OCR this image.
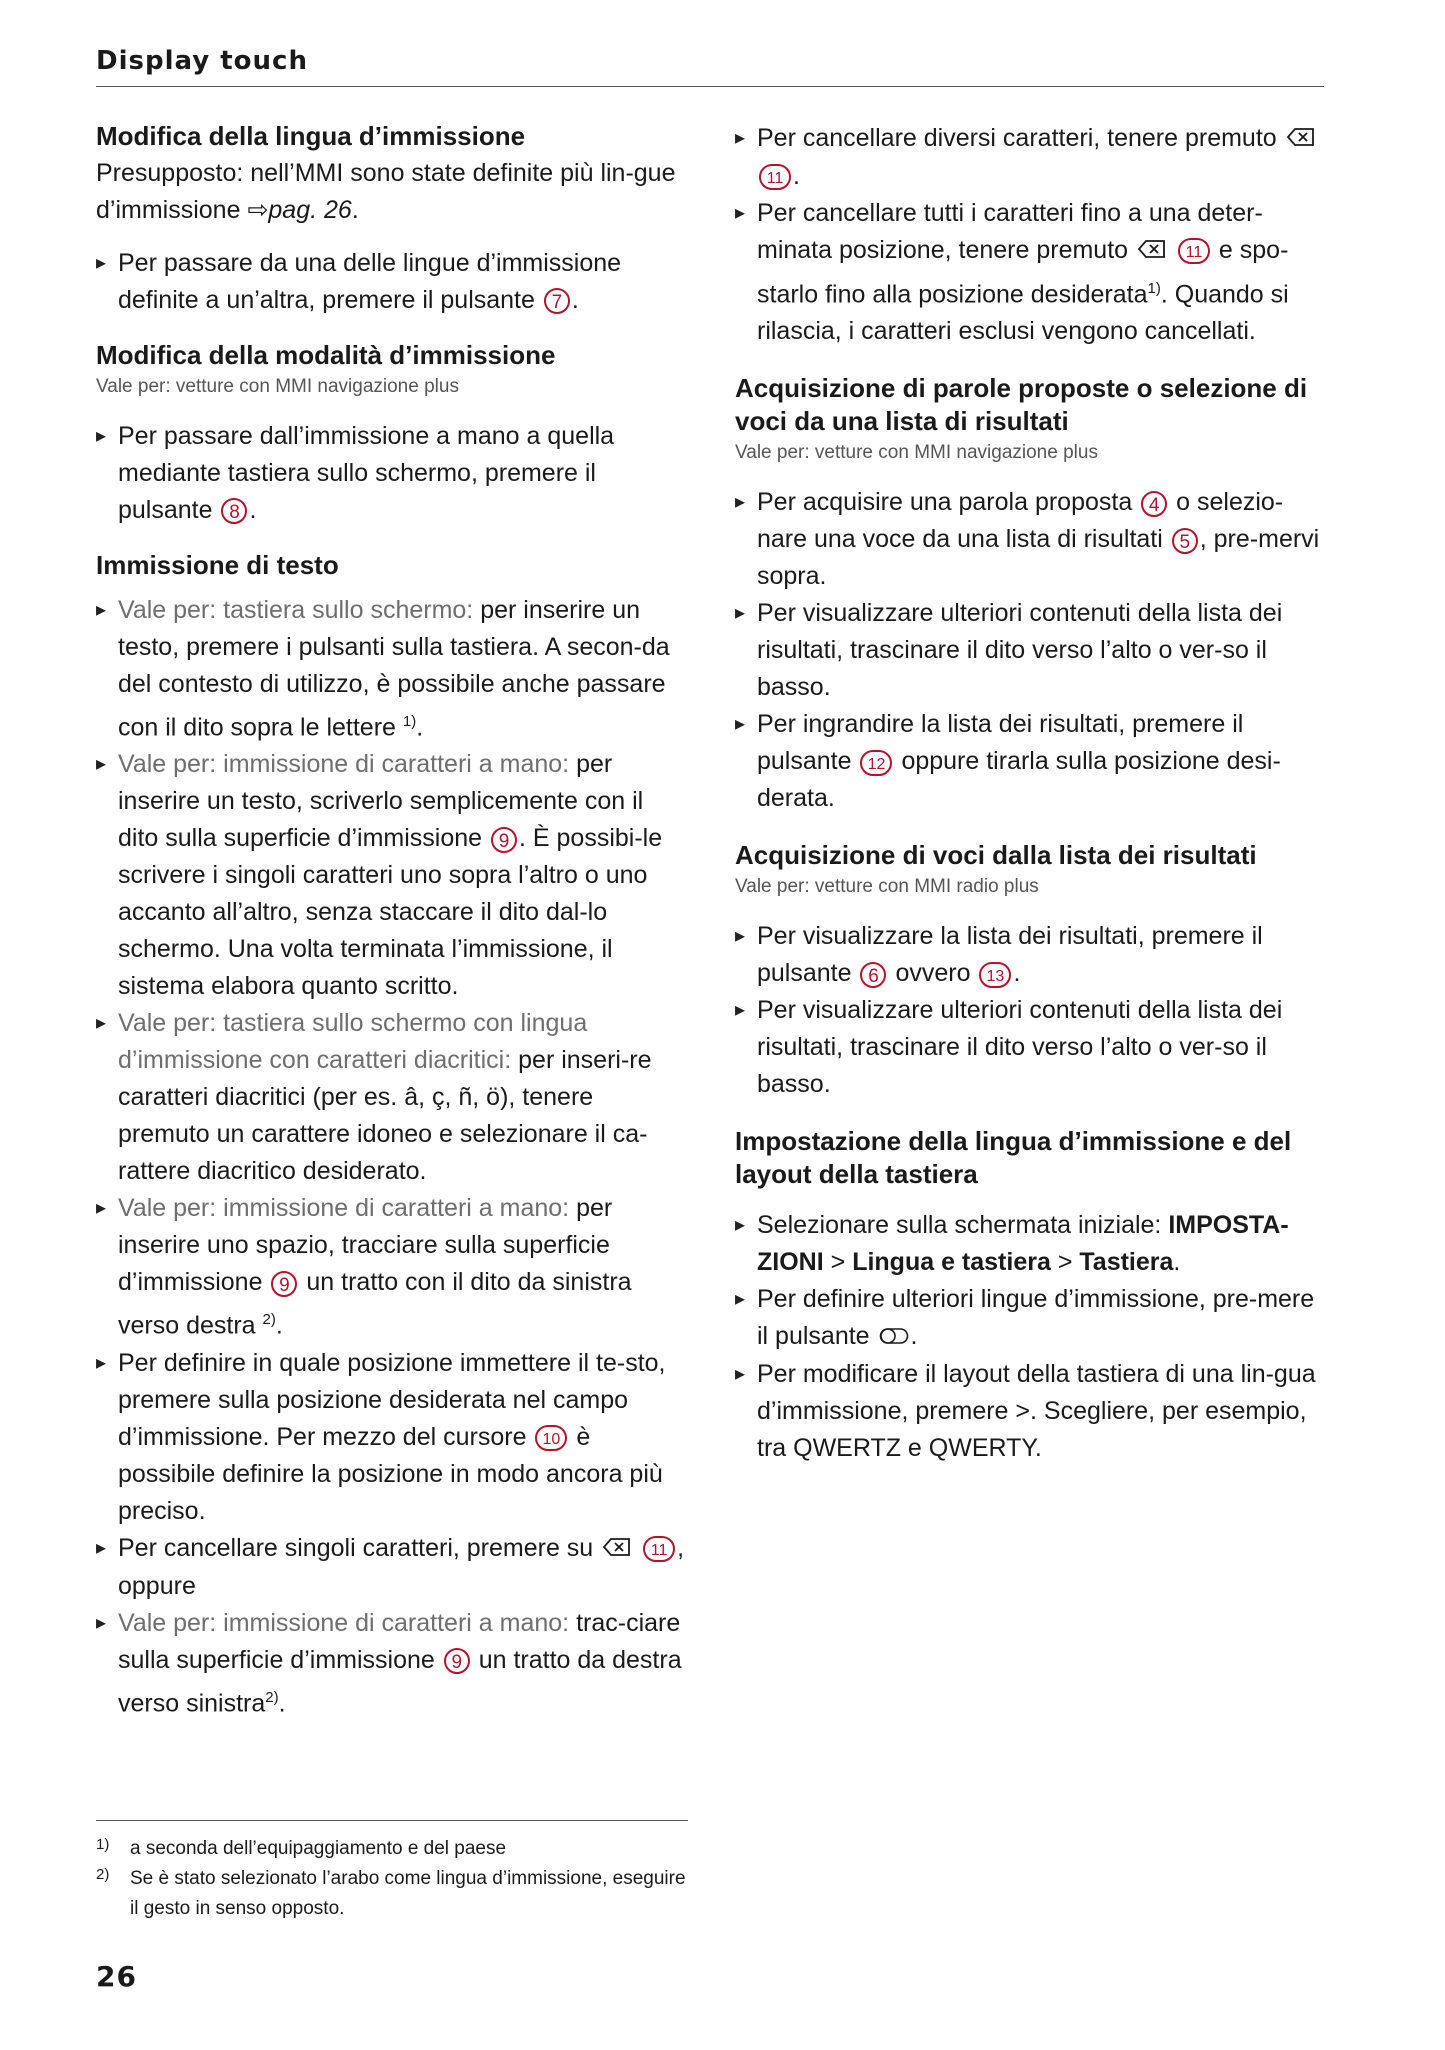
Display touch
Modifica della lingua d’immissione

Presupposto: nell’MMI sono state definite più lin-gue d’immissione ⇨pag. 26.

▸ Per passare da una delle lingue d’immissione definite a un’altra, premere il pulsante 7 .
Modifica della modalità d’immissione
Vale per: vetture con MMI navigazione plus
▸ Per passare dall’immissione a mano a quella mediante tastiera sullo schermo, premere il pulsante 8 .
Immissione di testo
▸ Vale per: tastiera sullo schermo: per inserire un testo, premere i pulsanti sulla tastiera. A secon-da del contesto di utilizzo, è possibile anche passare con il dito sopra le lettere $^{1)}$.
▸ Vale per: immissione di caratteri a mano: per inserire un testo, scriverlo semplicemente con il dito sulla superficie d’immissione 9 . È possibi-le scrivere i singoli caratteri uno sopra l’altro o uno accanto all’altro, senza staccare il dito dal-lo schermo. Una volta terminata l’immissione, il sistema elabora quanto scritto.
▸ Vale per: tastiera sullo schermo con lingua d’immissione con caratteri diacritici: per inseri-re caratteri diacritici (per es. â, ç, ñ, ö), tenere premuto un carattere idoneo e selezionare il ca-rattere diacritico desiderato.
▸ Vale per: immissione di caratteri a mano: per inserire uno spazio, tracciare sulla superficie d’immissione 9 un tratto con il dito da sinistra verso destra $^{2)}$.
▸ Per definire in quale posizione immettere il te-sto, premere sulla posizione desiderata nel campo d’immissione. Per mezzo del cursore 10 è possibile definire la posizione in modo ancora più preciso.
▸ Per cancellare singoli caratteri, premere su	11 , oppure
▸ Vale per: immissione di caratteri a mano: trac-ciare sulla superficie d’immissione 9 un tratto da destra verso sinistra$^{2)}$.
▸ Per cancellare diversi caratteri, tenere premuto  11 .
▸ Per cancellare tutti i caratteri fino a una deter-minata posizione, tenere premuto	11 e spo-starlo fino alla posizione desiderata$^{1)}$. Quando si rilascia, i caratteri esclusi vengono cancellati.
Acquisizione di parole proposte o selezione di voci da una lista di risultati
Vale per: vetture con MMI navigazione plus
▸ Per acquisire una parola proposta 4 o selezio-nare una voce da una lista di risultati 5 , pre-mervi sopra.
▸ Per visualizzare ulteriori contenuti della lista dei risultati, trascinare il dito verso l’alto o ver-so il basso.
▸ Per ingrandire la lista dei risultati, premere il pulsante 12 oppure tirarla sulla posizione desi-derata.
Acquisizione di voci dalla lista dei risultati
Vale per: vetture con MMI radio plus
▸ Per visualizzare la lista dei risultati, premere il pulsante 6 ovvero 13 .
▸ Per visualizzare ulteriori contenuti della lista dei risultati, trascinare il dito verso l’alto o ver-so il basso.
Impostazione della lingua d’immissione e del layout della tastiera
▸ Selezionare sulla schermata iniziale: IMPOSTA-ZIONI > Lingua e tastiera > Tastiera.
▸ Per definire ulteriori lingue d’immissione, pre-mere il pulsante .
▸ Per modificare il layout della tastiera di una lin-gua d’immissione, premere >. Scegliere, per esempio, tra QWERTZ e QWERTY.
1) a seconda dell’equipaggiamento e del paese
2) Se è stato selezionato l’arabo come lingua d’immissione, eseguire il gesto in senso opposto.
26
